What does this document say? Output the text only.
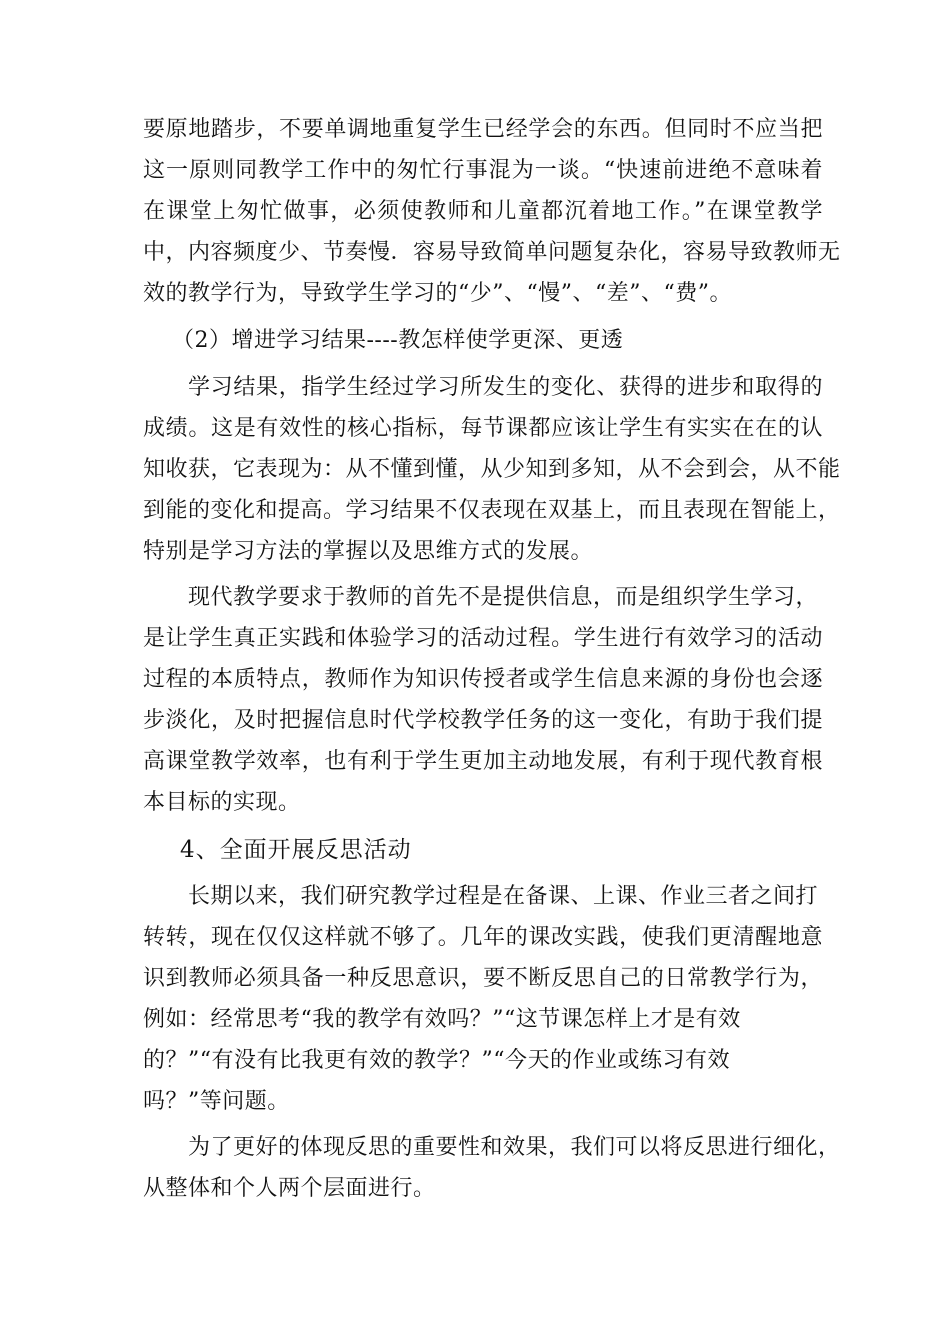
要原地踏步，不要单调地重复学生已经学会的东西。但同时不应当把
这一原则同教学工作中的匆忙行事混为一谈。“快速前进绝不意味着
在课堂上匆忙做事，必须使教师和儿童都沉着地工作。”在课堂教学
中，内容频度少、节奏慢．容易导致简单问题复杂化，容易导致教师无
效的教学行为，导致学生学习的“少”、“慢”、“差”、“费”。
（2）增进学习结果----教怎样使学更深、更透
学习结果，指学生经过学习所发生的变化、获得的进步和取得的
成绩。这是有效性的核心指标，每节课都应该让学生有实实在在的认
知收获，它表现为：从不懂到懂，从少知到多知，从不会到会，从不能
到能的变化和提高。学习结果不仅表现在双基上，而且表现在智能上，
特别是学习方法的掌握以及思维方式的发展。
现代教学要求于教师的首先不是提供信息，而是组织学生学习，
是让学生真正实践和体验学习的活动过程。学生进行有效学习的活动
过程的本质特点，教师作为知识传授者或学生信息来源的身份也会逐
步淡化，及时把握信息时代学校教学任务的这一变化，有助于我们提
高课堂教学效率，也有利于学生更加主动地发展，有利于现代教育根
本目标的实现。
4、全面开展反思活动
长期以来，我们研究教学过程是在备课、上课、作业三者之间打
转转，现在仅仅这样就不够了。几年的课改实践，使我们更清醒地意
识到教师必须具备一种反思意识，要不断反思自己的日常教学行为，
例如：经常思考“我的教学有效吗？”“这节课怎样上才是有效
的？”“有没有比我更有效的教学？”“今天的作业或练习有效
吗？”等问题。
为了更好的体现反思的重要性和效果，我们可以将反思进行细化，
从整体和个人两个层面进行。
